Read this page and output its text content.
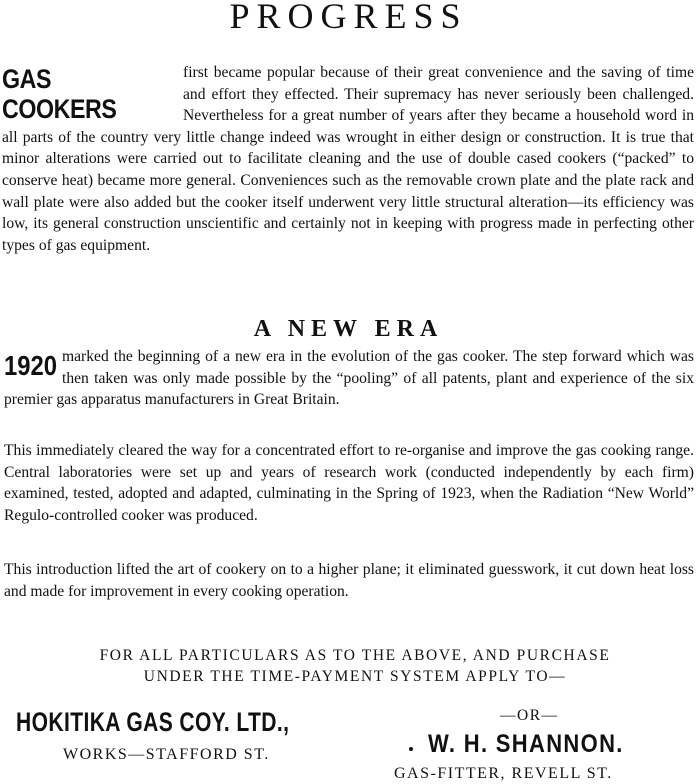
PROGRESS
GAS COOKERS
first became popular because of their great convenience and the saving of time and effort they effected. Their supremacy has never seriously been challenged. Nevertheless for a great number of years after they became a household word in all parts of the country very little change indeed was wrought in either design or construction. It is true that minor alterations were carried out to facilitate cleaning and the use of double cased cookers (“packed” to conserve heat) became more general. Conveniences such as the removable crown plate and the plate rack and wall plate were also added but the cooker itself underwent very little structural alteration—its efficiency was low, its general construction unscientific and certainly not in keeping with progress made in perfecting other types of gas equipment.
A NEW ERA
1920 marked the beginning of a new era in the evolution of the gas cooker. The step forward which was then taken was only made possible by the “pooling” of all patents, plant and experience of the six premier gas apparatus manufacturers in Great Britain.
This immediately cleared the way for a concentrated effort to re-organise and improve the gas cooking range. Central laboratories were set up and years of research work (conducted independently by each firm) examined, tested, adopted and adapted, culminating in the Spring of 1923, when the Radiation “New World” Regulo-controlled cooker was produced.
This introduction lifted the art of cookery on to a higher plane; it eliminated guesswork, it cut down heat loss and made for improvement in every cooking operation.
FOR ALL PARTICULARS AS TO THE ABOVE, AND PURCHASE
UNDER THE TIME-PAYMENT SYSTEM APPLY TO—
HOKITIKA GAS COY. LTD.,
WORKS—STAFFORD ST.
—OR—
W. H. SHANNON.
GAS-FITTER, REVELL ST.
